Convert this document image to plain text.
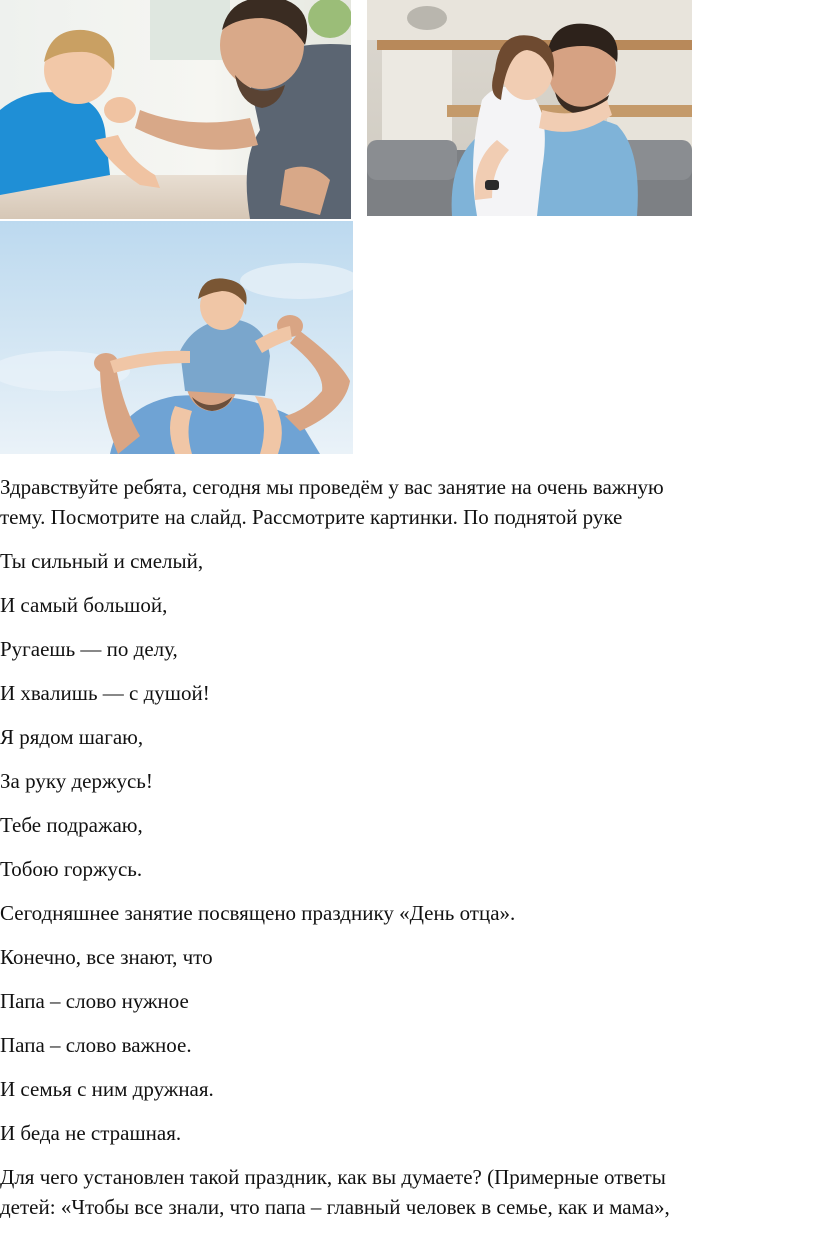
Здравствуйте ребята, сегодня мы проведём у вас занятие на очень важную
тему. Посмотрите на слайд. Рассмотрите картинки. По поднятой руке

Ты сильный и смелый,

И самый большой,

Ругаешь — по делу,

И хвалишь — с душой!

Я рядом шагаю,

За руку держусь!

Тебе подражаю,

Тобою горжусь.

Сегодняшнее занятие посвящено празднику «День отца».

Конечно, все знают, что

Папа – слово нужное

Папа – слово важное.

И семья с ним дружная.

И беда не страшная.

Для чего установлен такой праздник, как вы думаете? (Примерные ответы
детей: «Чтобы все знали, что папа – главный человек в семье, как и мама»,
